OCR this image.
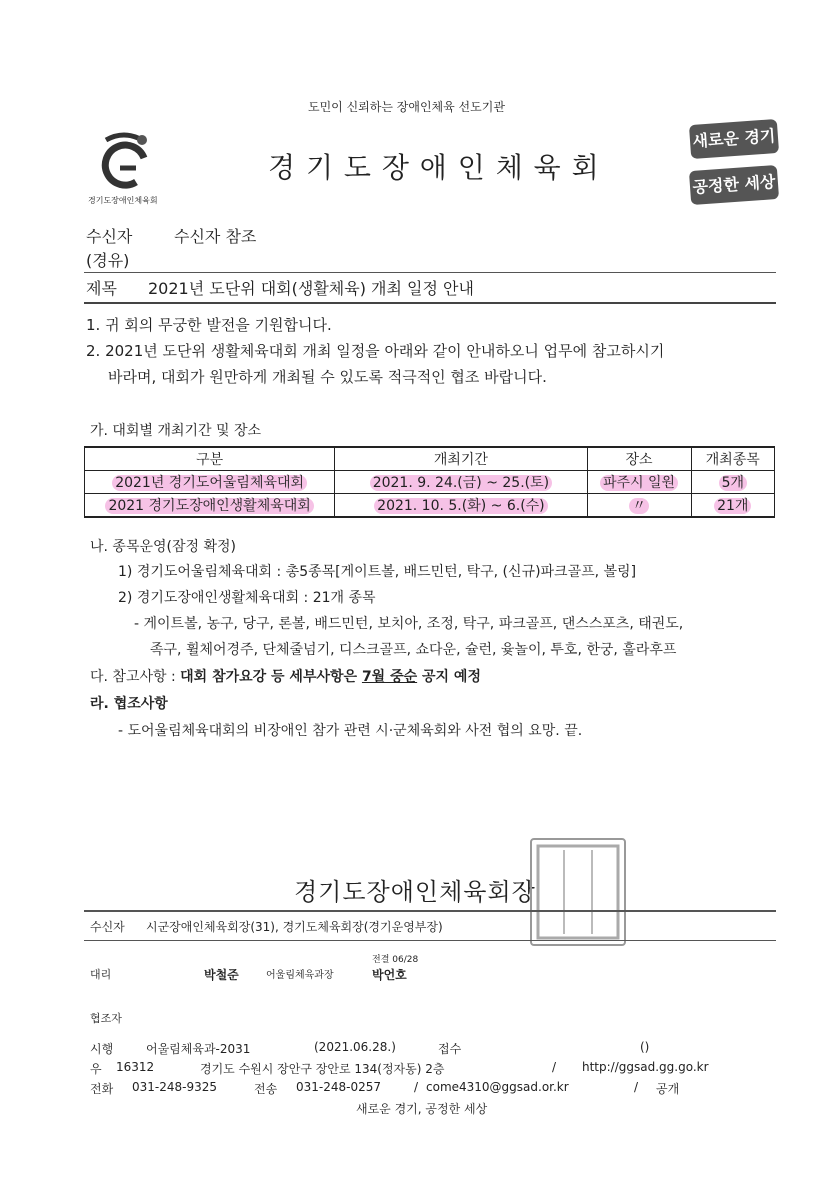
도민이 신뢰하는 장애인체육 선도기관
경기도장애인체육회
경 기 도 장 애 인 체 육 회
새로운 경기
공정한 세상
수신자	수신자 참조
(경유)
제목 2021년 도단위 대회(생활체육) 개최 일정 안내
1. 귀 회의 무궁한 발전을 기원합니다.
2. 2021년 도단위 생활체육대회 개최 일정을 아래와 같이 안내하오니 업무에 참고하시기
바라며, 대회가 원만하게 개최될 수 있도록 적극적인 협조 바랍니다.
가. 대회별 개최기간 및 장소
구분	개최기간	장소	개최종목
2021년 경기도어울림체육대회	2021. 9. 24.(금) ~ 25.(토)	파주시 일원	5개
2021 경기도장애인생활체육대회	2021. 10. 5.(화) ~ 6.(수)	〃	21개
나. 종목운영(잠정 확정)
1) 경기도어울림체육대회 : 총5종목[게이트볼, 배드민턴, 탁구, (신규)파크골프, 볼링]
2) 경기도장애인생활체육대회 : 21개 종목
- 게이트볼, 농구, 당구, 론볼, 배드민턴, 보치아, 조정, 탁구, 파크골프, 댄스스포츠, 태권도,
족구, 휠체어경주, 단체줄넘기, 디스크골프, 쇼다운, 슐런, 윷놀이, 투호, 한궁, 훌라후프
다. 참고사항 : 대회 참가요강 등 세부사항은 7월 중순 공지 예정
라. 협조사항
- 도어울림체육대회의 비장애인 참가 관련 시·군체육회와 사전 협의 요망. 끝.
경기도장애인체육회장
수신자 시군장애인체육회장(31), 경기도체육회장(경기운영부장)
대리	박철준	어울림체육과장
전결 06/28
박언호
협조자
시행	어울림체육과-2031	(2021.06.28.)	접수	()
우 16312	경기도 수원시 장안구 장안로 134(정자동) 2층	/ http://ggsad.gg.go.kr
전화 031-248-9325	전송 031-248-0257	/ come4310@ggsad.or.kr	/ 공개
새로운 경기, 공정한 세상
